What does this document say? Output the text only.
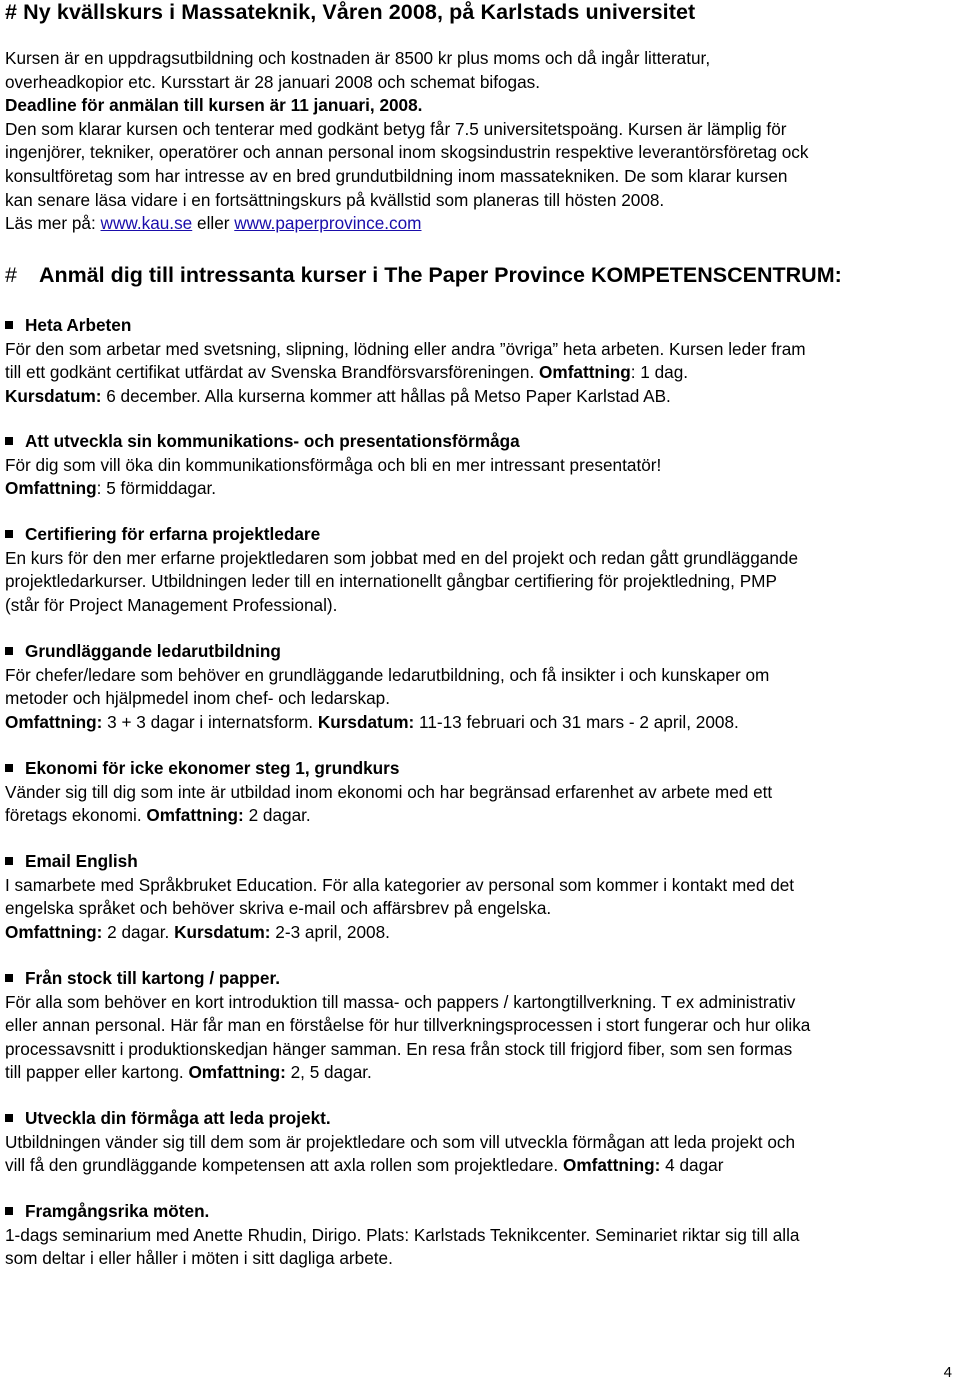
# Ny kvällskurs i Massateknik, Våren 2008, på Karlstads universitet
Kursen är en uppdragsutbildning och kostnaden är 8500 kr plus moms och då ingår litteratur,
overheadkopior etc. Kursstart är 28 januari 2008 och schemat bifogas.
Deadline för anmälan till kursen är 11 januari, 2008.
Den som klarar kursen och tenterar med godkänt betyg får 7.5 universitetspoäng. Kursen är lämplig för
ingenjörer, tekniker, operatörer och annan personal inom skogsindustrin respektive leverantörsföretag ock
konsultföretag som har intresse av en bred grundutbildning inom massatekniken. De som klarar kursen
kan senare läsa vidare i en fortsättningskurs på kvällstid som planeras till hösten 2008.
Läs mer på: www.kau.se eller www.paperprovince.com
# Anmäl dig till intressanta kurser i The Paper Province KOMPETENSCENTRUM:
Heta Arbeten
För den som arbetar med svetsning, slipning, lödning eller andra ”övriga” heta arbeten. Kursen leder fram
till ett godkänt certifikat utfärdat av Svenska Brandförsvarsföreningen. Omfattning: 1 dag.
Kursdatum: 6 december. Alla kurserna kommer att hållas på Metso Paper Karlstad AB.
Att utveckla sin kommunikations- och presentationsförmåga
För dig som vill öka din kommunikationsförmåga och bli en mer intressant presentatör!
Omfattning: 5 förmiddagar.
Certifiering för erfarna projektledare
En kurs för den mer erfarne projektledaren som jobbat med en del projekt och redan gått grundläggande
projektledarkurser. Utbildningen leder till en internationellt gångbar certifiering för projektledning, PMP
(står för Project Management Professional).
Grundläggande ledarutbildning
För chefer/ledare som behöver en grundläggande ledarutbildning, och få insikter i och kunskaper om
metoder och hjälpmedel inom chef- och ledarskap.
Omfattning: 3 + 3 dagar i internatsform. Kursdatum: 11-13 februari och 31 mars - 2 april, 2008.
Ekonomi för icke ekonomer steg 1, grundkurs
Vänder sig till dig som inte är utbildad inom ekonomi och har begränsad erfarenhet av arbete med ett
företags ekonomi. Omfattning: 2 dagar.
Email English
I samarbete med Språkbruket Education. För alla kategorier av personal som kommer i kontakt med det
engelska språket och behöver skriva e-mail och affärsbrev på engelska.
Omfattning: 2 dagar. Kursdatum: 2-3 april, 2008.
Från stock till kartong / papper.
För alla som behöver en kort introduktion till massa- och pappers / kartongtillverkning. T ex administrativ
eller annan personal. Här får man en förståelse för hur tillverkningsprocessen i stort fungerar och hur olika
processavsnitt i produktionskedjan hänger samman. En resa från stock till frigjord fiber, som sen formas
till papper eller kartong. Omfattning: 2, 5 dagar.
Utveckla din förmåga att leda projekt.
Utbildningen vänder sig till dem som är projektledare och som vill utveckla förmågan att leda projekt och
vill få den grundläggande kompetensen att axla rollen som projektledare. Omfattning: 4 dagar
Framgångsrika möten.
1-dags seminarium med Anette Rhudin, Dirigo. Plats: Karlstads Teknikcenter. Seminariet riktar sig till alla
som deltar i eller håller i möten i sitt dagliga arbete.
4
